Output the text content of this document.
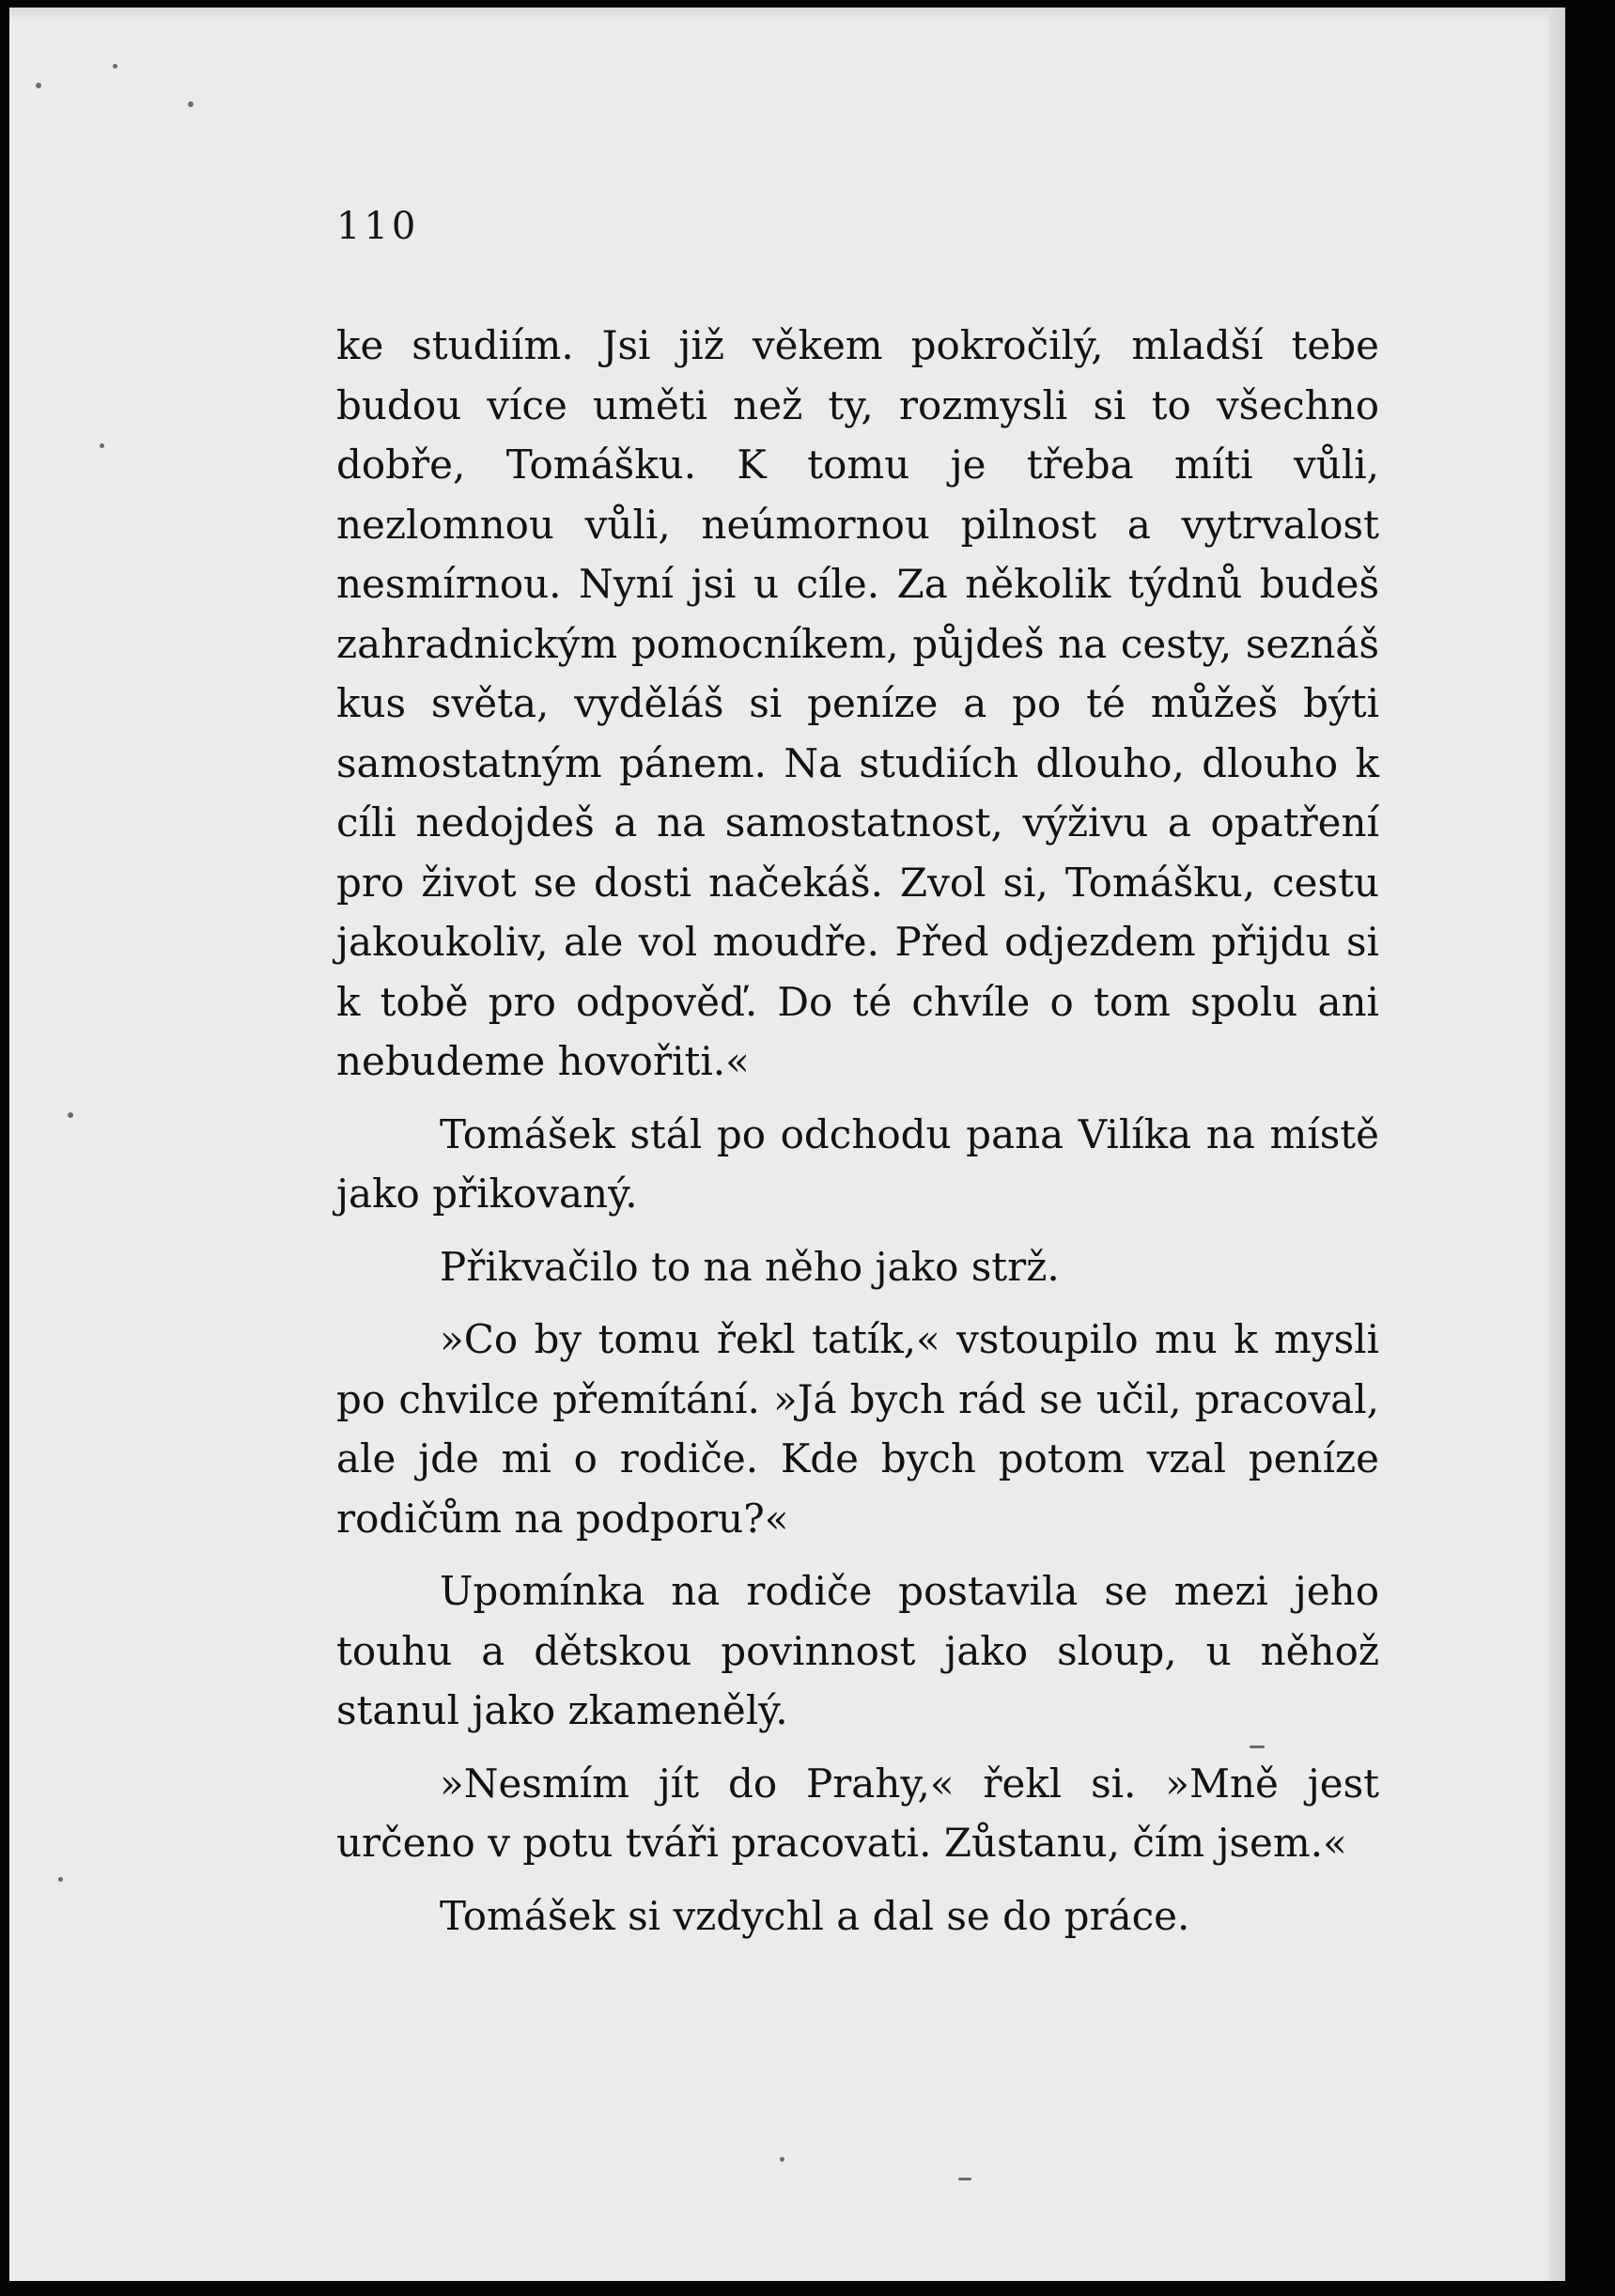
110

ke studiím. Jsi již věkem pokročilý, mladší tebe budou více uměti než ty, rozmysli si to všechno dobře, Tomášku. K tomu je třeba míti vůli, nezlomnou vůli, neúmornou pilnost a vytrvalost nesmírnou. Nyní jsi u cíle. Za několik týdnů budeš zahradnickým pomocníkem, půjdeš na cesty, seznáš kus světa, vyděláš si peníze a po té můžeš býti samostatným pánem. Na studiích dlouho, dlouho k cíli nedojdeš a na samostatnost, výživu a opatření pro život se dosti načekáš. Zvol si, Tomášku, cestu jakoukoliv, ale vol moudře. Před odjezdem přijdu si k tobě pro odpověď. Do té chvíle o tom spolu ani nebudeme hovořiti.«

Tomášek stál po odchodu pana Vilíka na místě jako přikovaný.

Přikvačilo to na něho jako strž.

»Co by tomu řekl tatík,« vstoupilo mu k mysli po chvilce přemítání. »Já bych rád se učil, pracoval, ale jde mi o rodiče. Kde bych potom vzal peníze rodičům na podporu?«

Upomínka na rodiče postavila se mezi jeho touhu a dětskou povinnost jako sloup, u něhož stanul jako zkamenělý.

»Nesmím jít do Prahy,« řekl si. »Mně jest určeno v potu tváři pracovati. Zůstanu, čím jsem.«

Tomášek si vzdychl a dal se do práce.
